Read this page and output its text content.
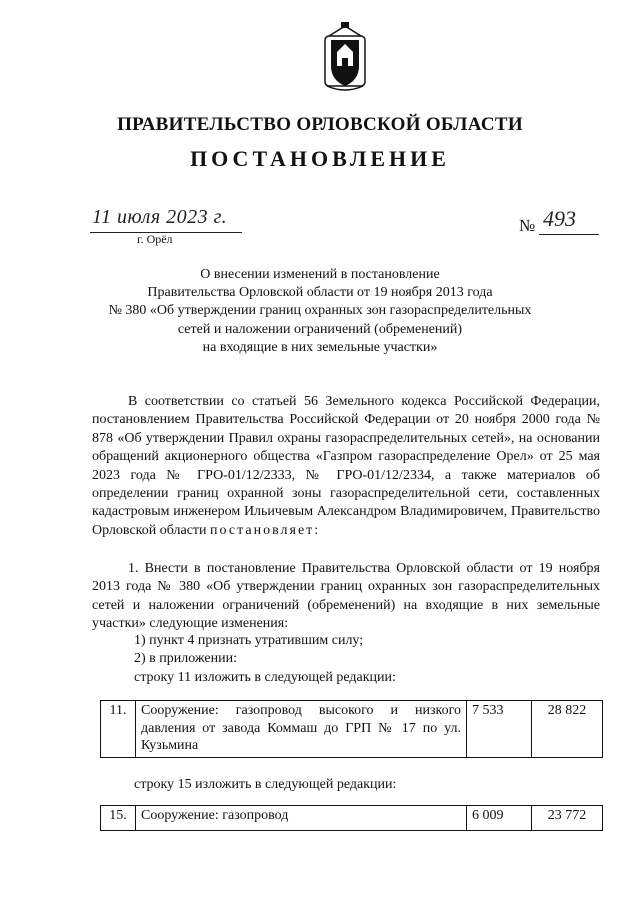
ПРАВИТЕЛЬСТВО ОРЛОВСКОЙ ОБЛАСТИ
ПОСТАНОВЛЕНИЕ
11 июля 2023 г.
г. Орёл
№ 493
О внесении изменений в постановление
Правительства Орловской области от 19 ноября 2013 года
№ 380 «Об утверждении границ охранных зон газораспределительных
сетей и наложении ограничений (обременений)
на входящие в них земельные участки»
В соответствии со статьей 56 Земельного кодекса Российской Федерации, постановлением Правительства Российской Федерации от 20 ноября 2000 года № 878 «Об утверждении Правил охраны газораспределительных сетей», на основании обращений акционерного общества «Газпром газораспределение Орел» от 25 мая 2023 года № ГРО-01/12/2333, № ГРО-01/12/2334, а также материалов об определении границ охранной зоны газораспределительной сети, составленных кадастровым инженером Ильичевым Александром Владимировичем, Правительство Орловской области постановляет:
1. Внести в постановление Правительства Орловской области от 19 ноября 2013 года № 380 «Об утверждении границ охранных зон газораспределительных сетей и наложении ограничений (обременений) на входящие в них земельные участки» следующие изменения:
1) пункт 4 признать утратившим силу;
2) в приложении:
строку 11 изложить в следующей редакции:
11.	Сооружение: газопровод высокого и низкого давления от завода Коммаш до ГРП № 17 по ул. Кузьмина	7 533	28 822
строку 15 изложить в следующей редакции:
15.	Сооружение: газопровод	6 009	23 772
